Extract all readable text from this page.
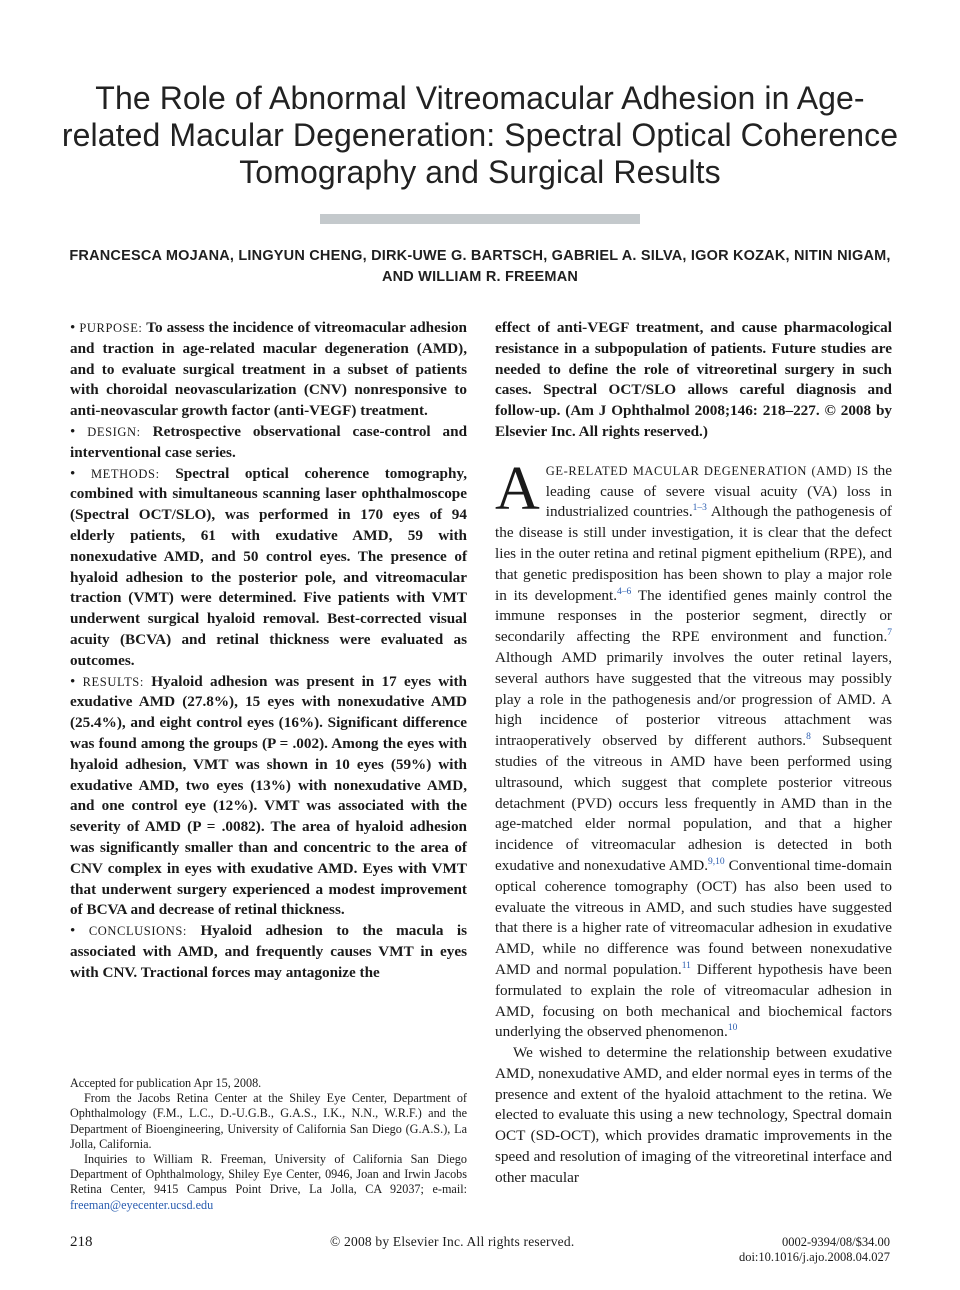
The Role of Abnormal Vitreomacular Adhesion in Age-related Macular Degeneration: Spectral Optical Coherence Tomography and Surgical Results
FRANCESCA MOJANA, LINGYUN CHENG, DIRK-UWE G. BARTSCH, GABRIEL A. SILVA, IGOR KOZAK, NITIN NIGAM, AND WILLIAM R. FREEMAN

• PURPOSE: To assess the incidence of vitreomacular adhesion and traction in age-related macular degeneration (AMD), and to evaluate surgical treatment in a subset of patients with choroidal neovascularization (CNV) nonresponsive to anti-neovascular growth factor (anti-VEGF) treatment.
• DESIGN: Retrospective observational case-control and interventional case series.
• METHODS: Spectral optical coherence tomography, combined with simultaneous scanning laser ophthalmoscope (Spectral OCT/SLO), was performed in 170 eyes of 94 elderly patients, 61 with exudative AMD, 59 with nonexudative AMD, and 50 control eyes. The presence of hyaloid adhesion to the posterior pole, and vitreomacular traction (VMT) were determined. Five patients with VMT underwent surgical hyaloid removal. Best-corrected visual acuity (BCVA) and retinal thickness were evaluated as outcomes.
• RESULTS: Hyaloid adhesion was present in 17 eyes with exudative AMD (27.8%), 15 eyes with nonexudative AMD (25.4%), and eight control eyes (16%). Significant difference was found among the groups (P = .002). Among the eyes with hyaloid adhesion, VMT was shown in 10 eyes (59%) with exudative AMD, two eyes (13%) with nonexudative AMD, and one control eye (12%). VMT was associated with the severity of AMD (P = .0082). The area of hyaloid adhesion was significantly smaller than and concentric to the area of CNV complex in eyes with exudative AMD. Eyes with VMT that underwent surgery experienced a modest improvement of BCVA and decrease of retinal thickness.
• CONCLUSIONS: Hyaloid adhesion to the macula is associated with AMD, and frequently causes VMT in eyes with CNV. Tractional forces may antagonize the

effect of anti-VEGF treatment, and cause pharmacological resistance in a subpopulation of patients. Future studies are needed to define the role of vitreoretinal surgery in such cases. Spectral OCT/SLO allows careful diagnosis and follow-up. (Am J Ophthalmol 2008;146: 218–227. © 2008 by Elsevier Inc. All rights reserved.)

AGE-RELATED MACULAR DEGENERATION (AMD) IS the leading cause of severe visual acuity (VA) loss in industrialized countries.$^{1-3}$ Although the pathogenesis of the disease is still under investigation, it is clear that the defect lies in the outer retina and retinal pigment epithelium (RPE), and that genetic predisposition has been shown to play a major role in its development.$^{4-6}$ The identified genes mainly control the immune responses in the posterior segment, directly or secondarily affecting the RPE environment and function.$^7$ Although AMD primarily involves the outer retinal layers, several authors have suggested that the vitreous may possibly play a role in the pathogenesis and/or progression of AMD. A high incidence of posterior vitreous attachment was intraoperatively observed by different authors.$^8$ Subsequent studies of the vitreous in AMD have been performed using ultrasound, which suggest that complete posterior vitreous detachment (PVD) occurs less frequently in AMD than in the age-matched elder normal population, and that a higher incidence of vitreomacular adhesion is detected in both exudative and nonexudative AMD.$^{9,10}$ Conventional time-domain optical coherence tomography (OCT) has also been used to evaluate the vitreous in AMD, and such studies have suggested that there is a higher rate of vitreomacular adhesion in exudative AMD, while no difference was found between nonexudative AMD and normal population.$^{11}$ Different hypothesis have been formulated to explain the role of vitreomacular adhesion in AMD, focusing on both mechanical and biochemical factors underlying the observed phenomenon.$^{10}$

We wished to determine the relationship between exudative AMD, nonexudative AMD, and elder normal eyes in terms of the presence and extent of the hyaloid attachment to the retina. We elected to evaluate this using a new technology, Spectral domain OCT (SD-OCT), which provides dramatic improvements in the speed and resolution of imaging of the vitreoretinal interface and other macular

Accepted for publication Apr 15, 2008.

From the Jacobs Retina Center at the Shiley Eye Center, Department of Ophthalmology (F.M., L.C., D.-U.G.B., G.A.S., I.K., N.N., W.R.F.) and the Department of Bioengineering, University of California San Diego (G.A.S.), La Jolla, California.

Inquiries to William R. Freeman, University of California San Diego Department of Ophthalmology, Shiley Eye Center, 0946, Joan and Irwin Jacobs Retina Center, 9415 Campus Point Drive, La Jolla, CA 92037; e-mail: freeman@eyecenter.ucsd.edu

218	© 2008 by Elsevier Inc. All rights reserved.	0002-9394/08/$34.00
doi:10.1016/j.ajo.2008.04.027
